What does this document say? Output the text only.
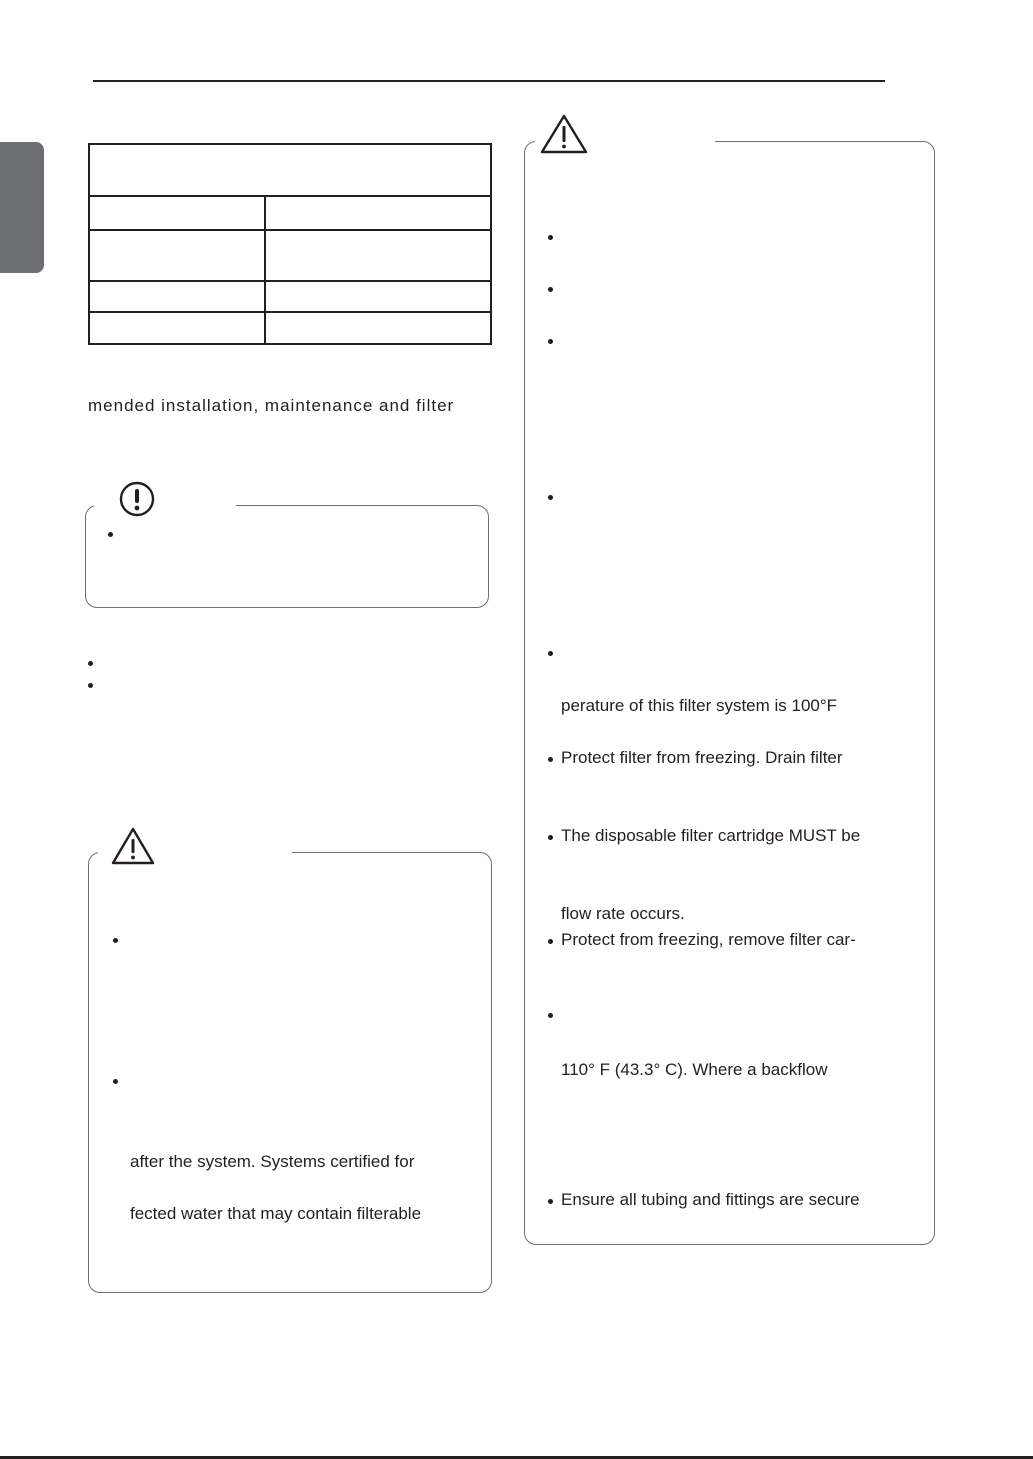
mended installation, maintenance and filter
after the system. Systems certified for
fected water that may contain filterable
perature of this filter system is 100°F
Protect filter from freezing. Drain filter
The disposable filter cartridge MUST be
flow rate occurs.
Protect from freezing, remove filter car-
110° F (43.3° C). Where a backflow
Ensure all tubing and fittings are secure
